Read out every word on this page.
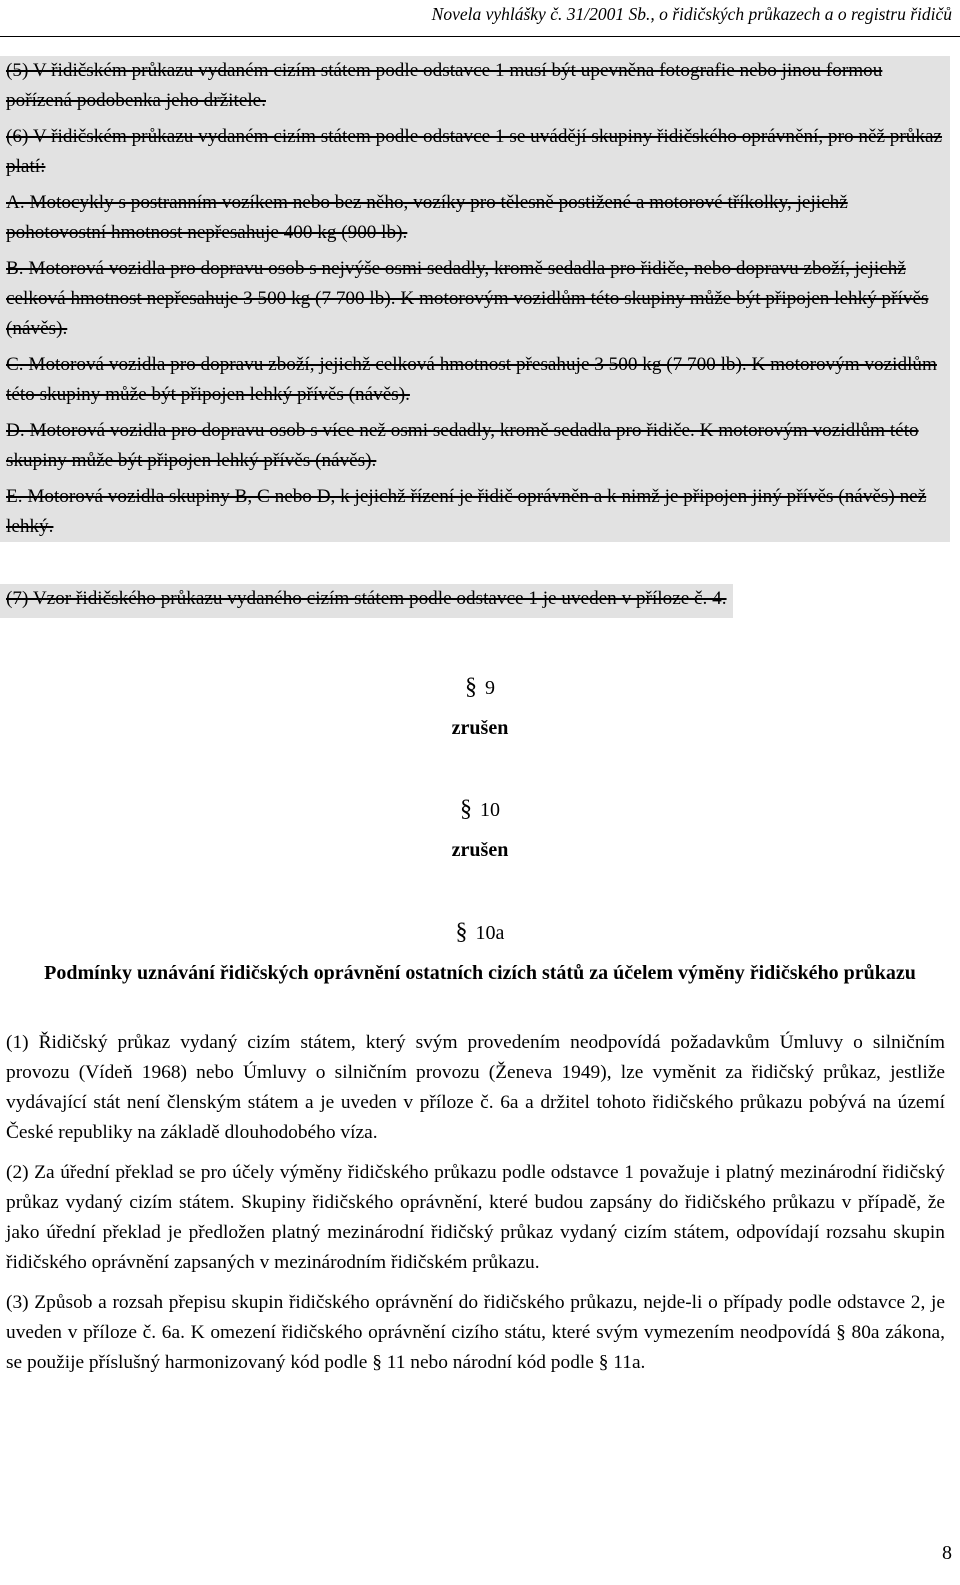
Novela vyhlášky č. 31/2001 Sb., o řidičských průkazech a o registru řidičů

(5) V řidičském průkazu vydaném cizím státem podle odstavce 1 musí být upevněna fotografie nebo jinou formou pořízená podobenka jeho držitele.

(6) V řidičském průkazu vydaném cizím státem podle odstavce 1 se uvádějí skupiny řidičského oprávnění, pro něž průkaz platí:

A. Motocykly s postranním vozíkem nebo bez něho, vozíky pro tělesně postižené a motorové tříkolky, jejichž pohotovostní hmotnost nepřesahuje 400 kg (900 lb).

B. Motorová vozidla pro dopravu osob s nejvýše osmi sedadly, kromě sedadla pro řidiče, nebo dopravu zboží, jejichž celková hmotnost nepřesahuje 3 500 kg (7 700 lb). K motorovým vozidlům této skupiny může být připojen lehký přívěs (návěs).

C. Motorová vozidla pro dopravu zboží, jejichž celková hmotnost přesahuje 3 500 kg (7 700 lb). K motorovým vozidlům této skupiny může být připojen lehký přívěs (návěs).

D. Motorová vozidla pro dopravu osob s více než osmi sedadly, kromě sedadla pro řidiče. K motorovým vozidlům této skupiny může být připojen lehký přívěs (návěs).

E. Motorová vozidla skupiny B, C nebo D, k jejichž řízení je řidič oprávněn a k nimž je připojen jiný přívěs (návěs) než lehký.

(7) Vzor řidičského průkazu vydaného cizím státem podle odstavce 1 je uveden v příloze č. 4.

§ 9
zrušen
§ 10
zrušen
§ 10a
Podmínky uznávání řidičských oprávnění ostatních cizích států za účelem výměny řidičského průkazu

(1) Řidičský průkaz vydaný cizím státem, který svým provedením neodpovídá požadavkům Úmluvy o silničním provozu (Vídeň 1968) nebo Úmluvy o silničním provozu (Ženeva 1949), lze vyměnit za řidičský průkaz, jestliže vydávající stát není členským státem a je uveden v příloze č. 6a a držitel tohoto řidičského průkazu pobývá na území České republiky na základě dlouhodobého víza.

(2) Za úřední překlad se pro účely výměny řidičského průkazu podle odstavce 1 považuje i platný mezinárodní řidičský průkaz vydaný cizím státem. Skupiny řidičského oprávnění, které budou zapsány do řidičského průkazu v případě, že jako úřední překlad je předložen platný mezinárodní řidičský průkaz vydaný cizím státem, odpovídají rozsahu skupin řidičského oprávnění zapsaných v mezinárodním řidičském průkazu.

(3) Způsob a rozsah přepisu skupin řidičského oprávnění do řidičského průkazu, nejde-li o případy podle odstavce 2, je uveden v příloze č. 6a. K omezení řidičského oprávnění cizího státu, které svým vymezením neodpovídá § 80a zákona, se použije příslušný harmonizovaný kód podle § 11 nebo národní kód podle § 11a.

8
